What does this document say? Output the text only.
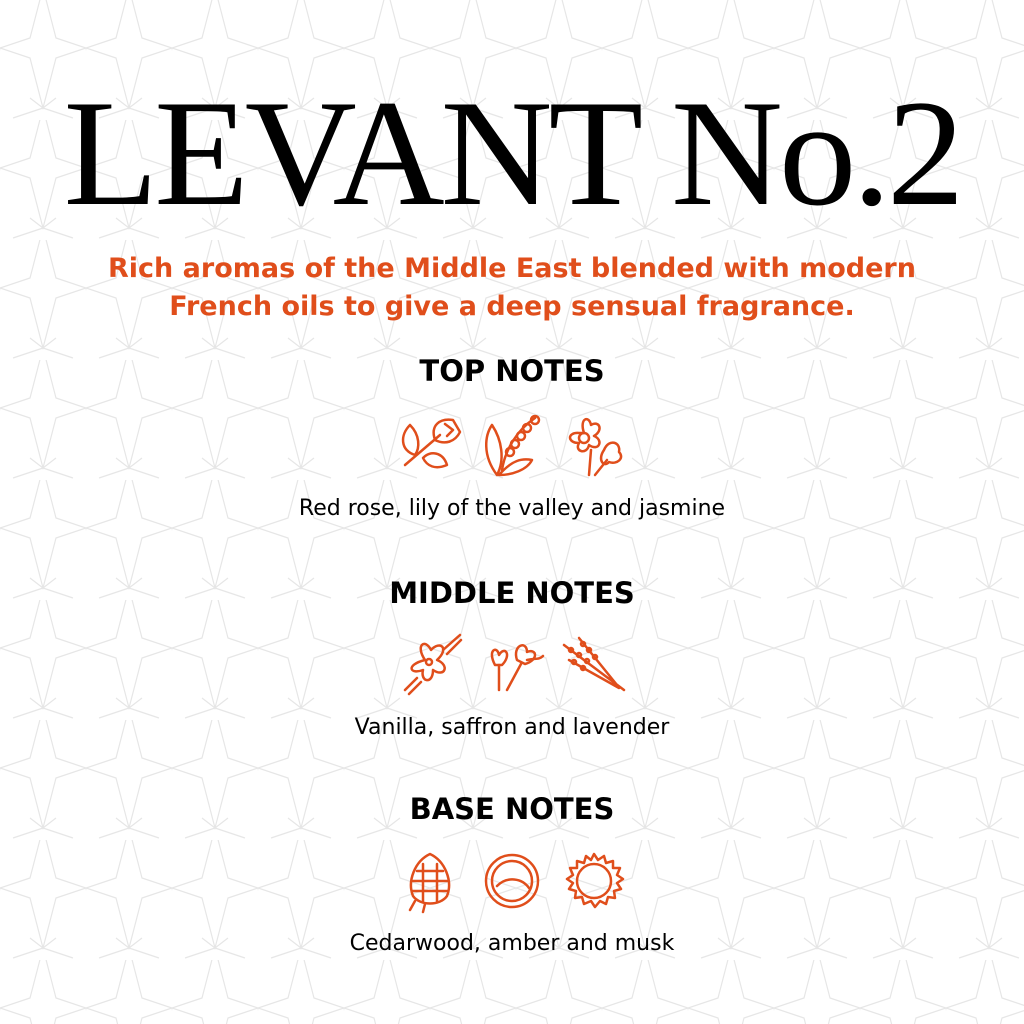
LEVANT No.2
Rich aromas of the Middle East blended with modern
French oils to give a deep sensual fragrance.
TOP NOTES
Red rose, lily of the valley and jasmine
MIDDLE NOTES
Vanilla, saffron and lavender
BASE NOTES
Cedarwood, amber and musk
